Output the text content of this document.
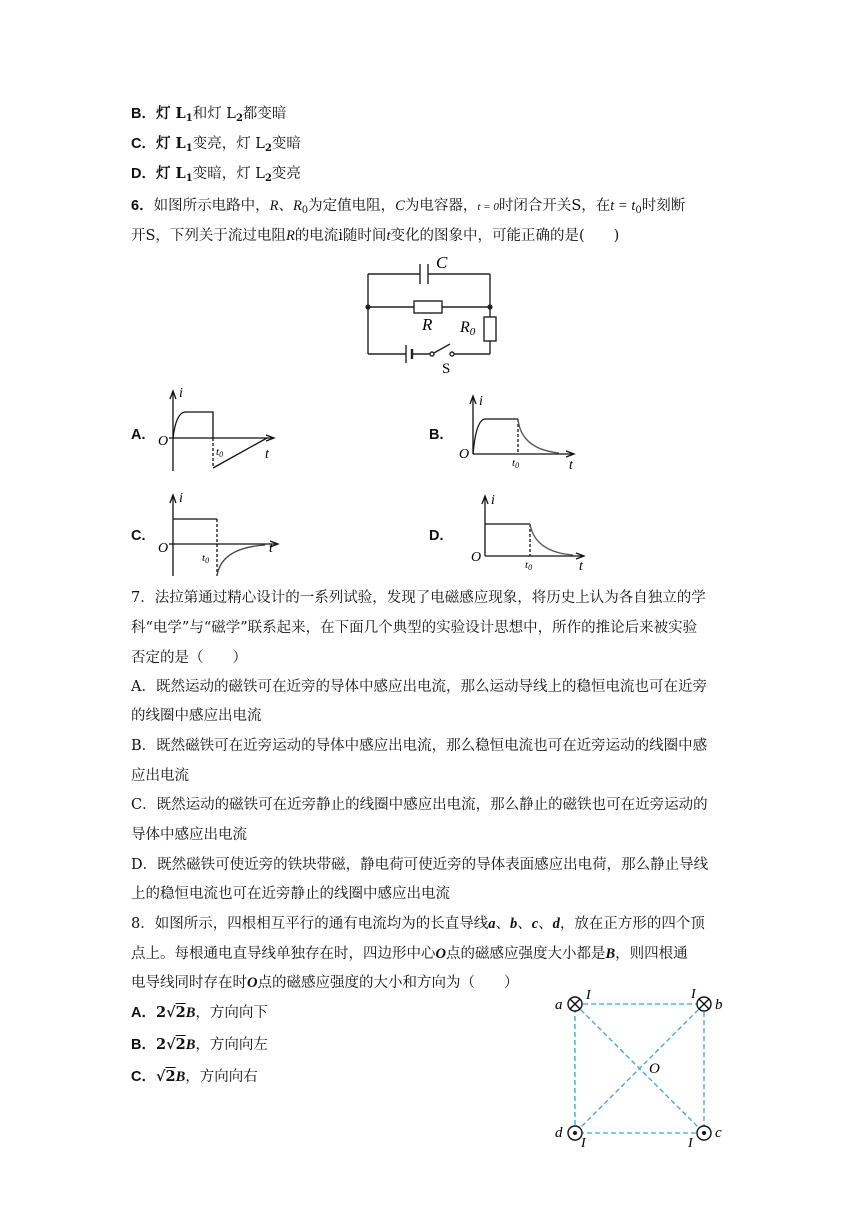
B．灯 $L_1$和灯 $L_2$都变暗
C．灯 $L_1$变亮，灯 $L_2$变暗
D．灯 $L_1$变暗，灯 $L_2$变亮
6．如图所示电路中，R、$R_0$为定值电阻，C为电容器，t = 0时闭合开关S，在$t = t_0$时刻断
开S，下列关于流过电阻R的电流i随时间t变化的图象中，可能正确的是(　　)
C
R R0
S
A.
i
O
t0	t
B.
i
O
t0	t
C.
i
O
t0
t
D.
i
O	t0	t
7．法拉第通过精心设计的一系列试验，发现了电磁感应现象，将历史上认为各自独立的学
科“电学”与“磁学”联系起来，在下面几个典型的实验设计思想中，所作的推论后来被实验
否定的是（　　）
A．既然运动的磁铁可在近旁的导体中感应出电流，那么运动导线上的稳恒电流也可在近旁
的线圈中感应出电流
B．既然磁铁可在近旁运动的导体中感应出电流，那么稳恒电流也可在近旁运动的线圈中感
应出电流
C．既然运动的磁铁可在近旁静止的线圈中感应出电流，那么静止的磁铁也可在近旁运动的
导体中感应出电流
D．既然磁铁可使近旁的铁块带磁，静电荷可使近旁的导体表面感应出电荷，那么静止导线
上的稳恒电流也可在近旁静止的线圈中感应出电流
8．如图所示，四根相互平行的通有电流均为的长直导线a、b、c、d，放在正方形的四个顶
点上。每根通电直导线单独存在时，四边形中心O点的磁感应强度大小都是B，则四根通
电导线同时存在时O点的磁感应强度的大小和方向为（　　）
A．2√2B，方向向下
B．2√2B，方向向左
C．√2B，方向向右
a
I	I
b
O
d
I	I
c
